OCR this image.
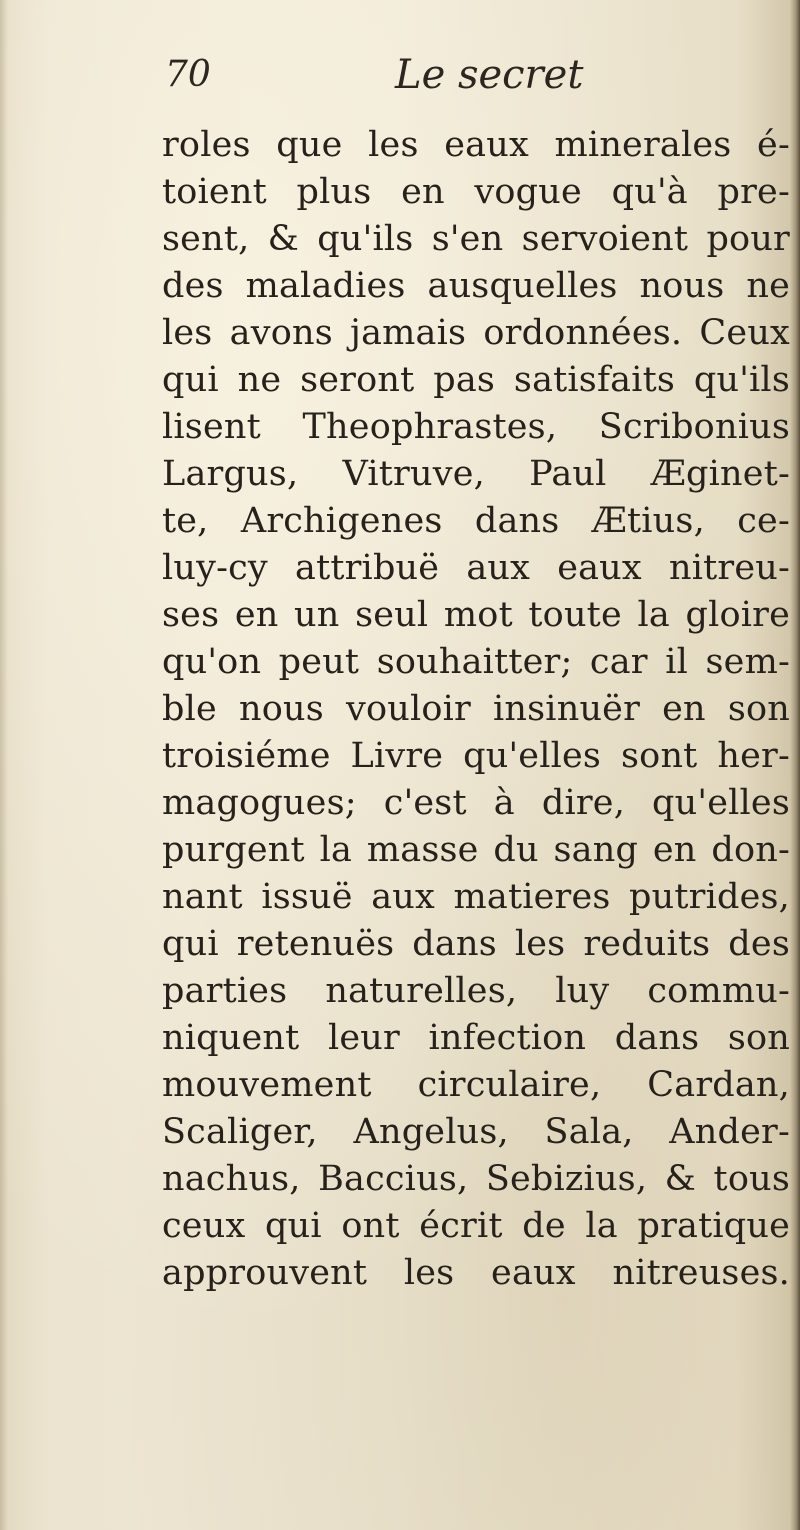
70	Le secret
roles que les eaux minerales é-
toient plus en vogue qu'à pre-
sent, & qu'ils s'en servoient pour
des maladies ausquelles nous ne
les avons jamais ordonnées. Ceux
qui ne seront pas satisfaits qu'ils
lisent Theophrastes, Scribonius
Largus, Vitruve, Paul Æginet-
te, Archigenes dans Ætius, ce-
luy-cy attribuë aux eaux nitreu-
ses en un seul mot toute la gloire
qu'on peut souhaitter; car il sem-
ble nous vouloir insinuër en son
troisiéme Livre qu'elles sont her-
magogues; c'est à dire, qu'elles
purgent la masse du sang en don-
nant issuë aux matieres putrides,
qui retenuës dans les reduits des
parties naturelles, luy commu-
niquent leur infection dans son
mouvement circulaire, Cardan,
Scaliger, Angelus, Sala, Ander-
nachus, Baccius, Sebizius, & tous
ceux qui ont écrit de la pratique
approuvent les eaux nitreuses.
